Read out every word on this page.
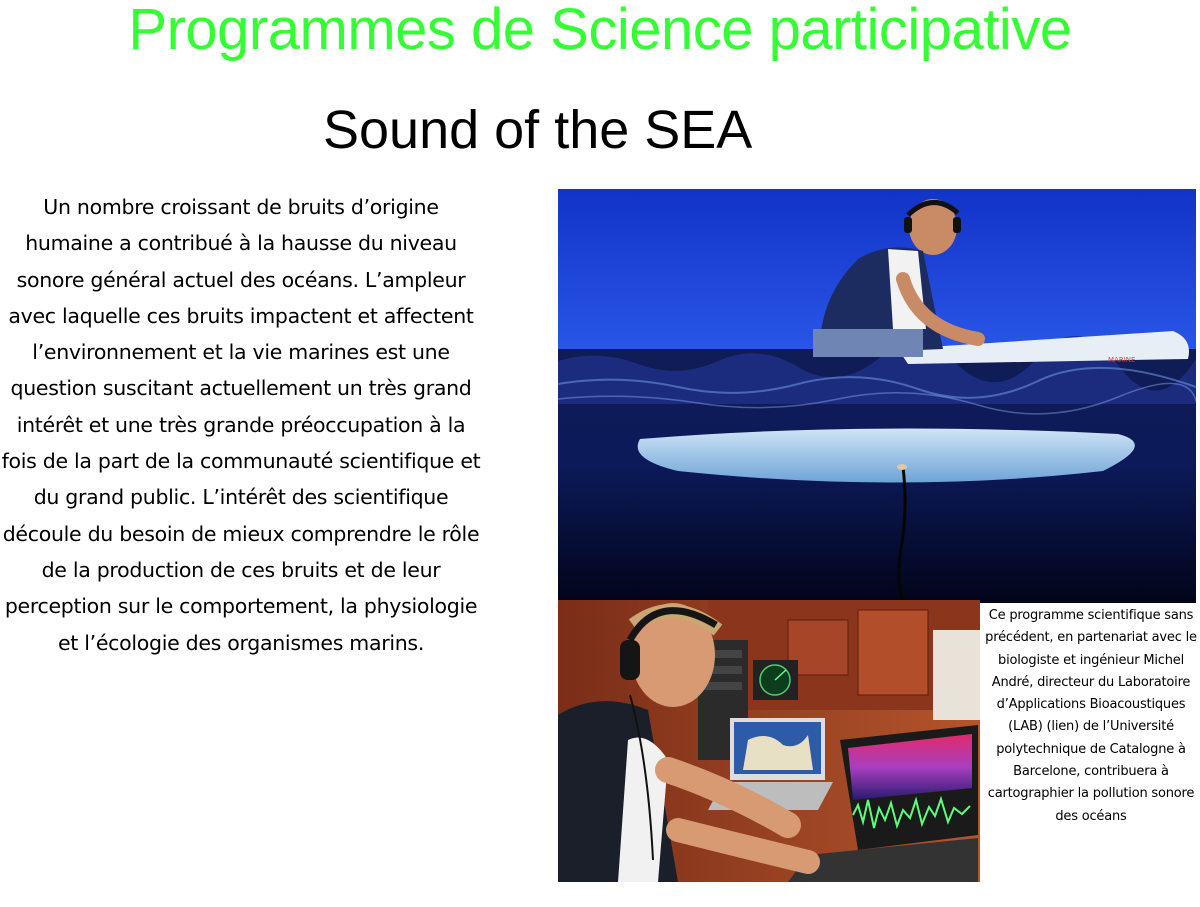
Programmes de Science participative
Sound of the SEA
Un nombre croissant de bruits d’origine humaine a contribué à la hausse du niveau sonore général actuel des océans. L’ampleur avec laquelle ces bruits impactent et affectent l’environnement et la vie marines est une question suscitant actuellement un très grand intérêt et une très grande préoccupation à la fois de la part de la communauté scientifique et du grand public. L’intérêt des scientifique découle du besoin de mieux comprendre le rôle de la production de ces bruits et de leur perception sur le comportement, la physiologie et l’écologie des organismes marins.
MARINE
Ce programme scientifique sans précédent, en partenariat avec le biologiste et ingénieur Michel André, directeur du Laboratoire d’Applications Bioacoustiques (LAB) (lien) de l’Université polytechnique de Catalogne à Barcelone, contribuera à cartographier la pollution sonore des océans
